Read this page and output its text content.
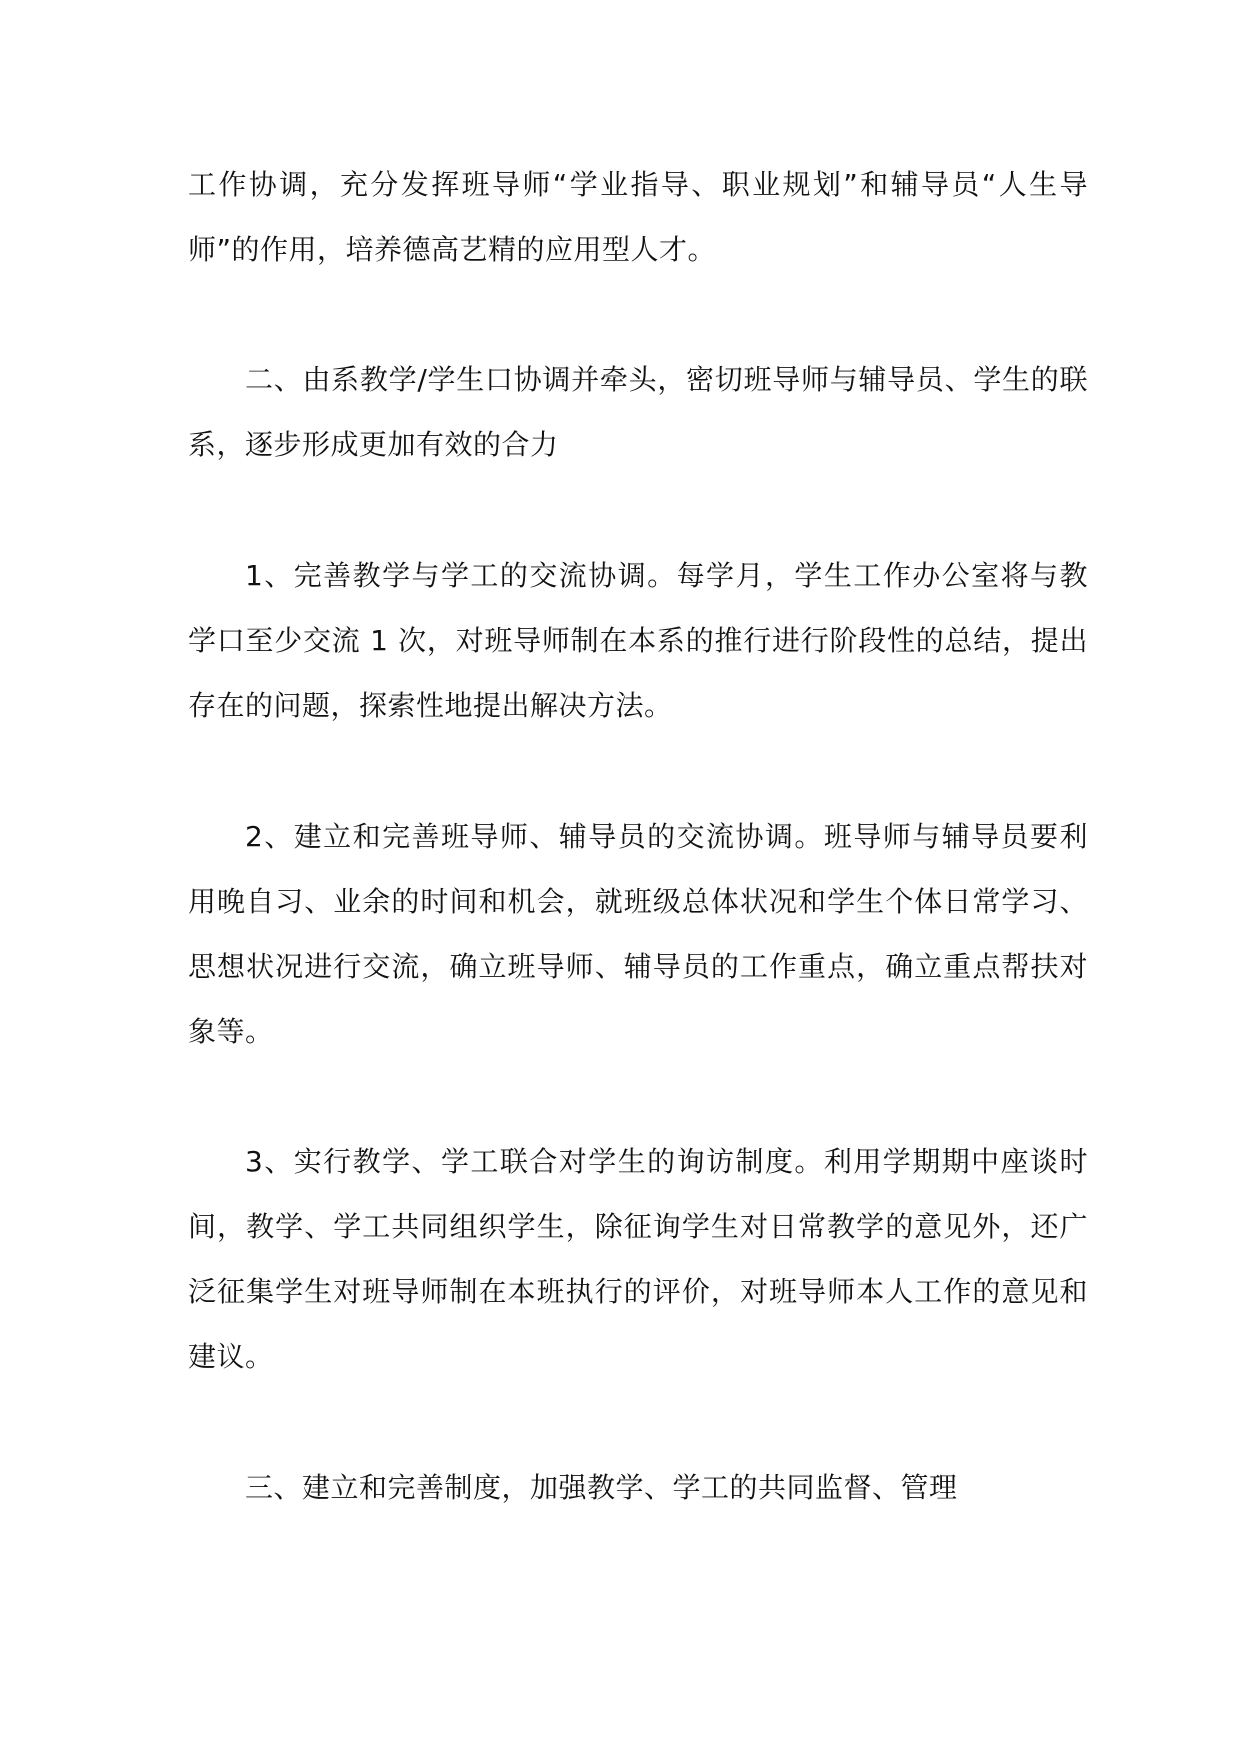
工作协调，充分发挥班导师“学业指导、职业规划”和辅导员“人生导师”的作用，培养德高艺精的应用型人才。

二、由系教学/学生口协调并牵头，密切班导师与辅导员、学生的联系，逐步形成更加有效的合力

1、完善教学与学工的交流协调。每学月，学生工作办公室将与教学口至少交流 1 次，对班导师制在本系的推行进行阶段性的总结，提出存在的问题，探索性地提出解决方法。

2、建立和完善班导师、辅导员的交流协调。班导师与辅导员要利用晚自习、业余的时间和机会，就班级总体状况和学生个体日常学习、思想状况进行交流，确立班导师、辅导员的工作重点，确立重点帮扶对象等。

3、实行教学、学工联合对学生的询访制度。利用学期期中座谈时间，教学、学工共同组织学生，除征询学生对日常教学的意见外，还广泛征集学生对班导师制在本班执行的评价，对班导师本人工作的意见和建议。

三、建立和完善制度，加强教学、学工的共同监督、管理
